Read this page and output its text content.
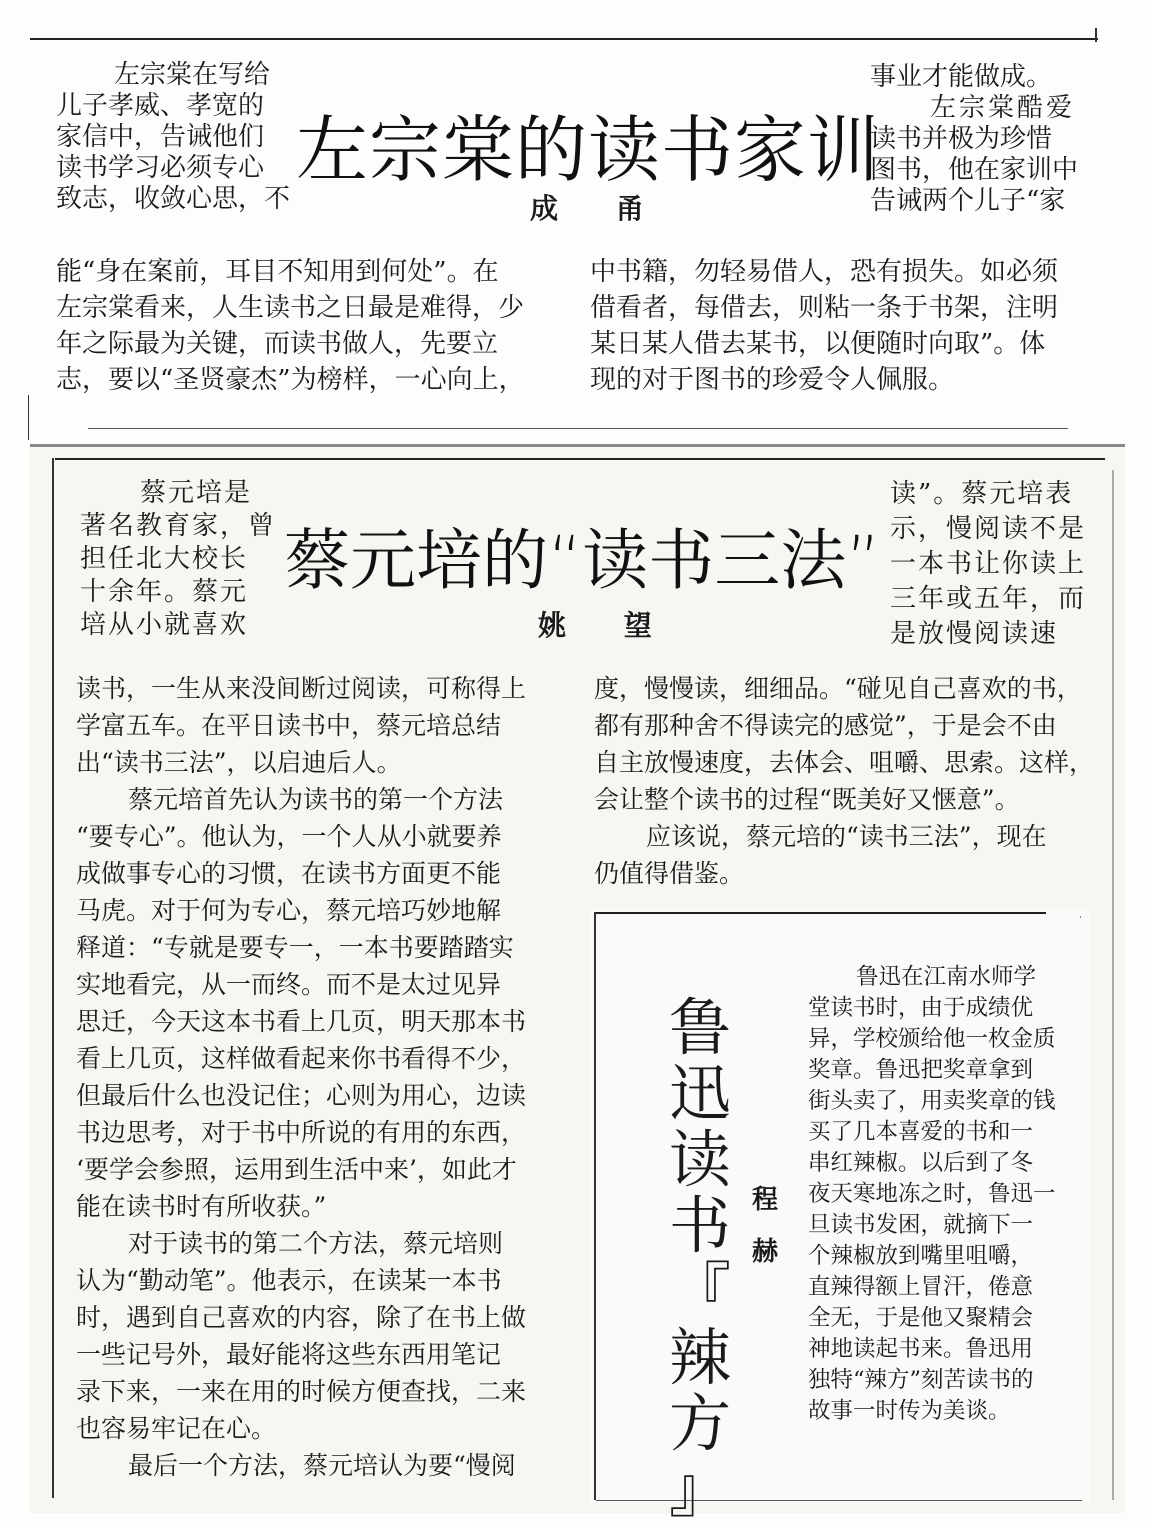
左宗棠的读书家训
成 甬
左宗棠在写给
儿子孝威、孝宽的
家信中，告诫他们
读书学习必须专心
致志，收敛心思，不
事业才能做成。
左宗棠酷爱
读书并极为珍惜
图书，他在家训中
告诫两个儿子“家
能“身在案前，耳目不知用到何处”。在
左宗棠看来，人生读书之日最是难得，少
年之际最为关键，而读书做人，先要立
志，要以“圣贤豪杰”为榜样，一心向上，
中书籍，勿轻易借人，恐有损失。如必须
借看者，每借去，则粘一条于书架，注明
某日某人借去某书，以便随时向取”。体
现的对于图书的珍爱令人佩服。
蔡元培的“读书三法”
姚 望
蔡元培是
著名教育家，曾
担任北大校长
十余年。蔡元
培从小就喜欢
读”。蔡元培表
示，慢阅读不是
一本书让你读上
三年或五年，而
是放慢阅读速
读书，一生从来没间断过阅读，可称得上
学富五车。在平日读书中，蔡元培总结
出“读书三法”，以启迪后人。
蔡元培首先认为读书的第一个方法
“要专心”。他认为，一个人从小就要养
成做事专心的习惯，在读书方面更不能
马虎。对于何为专心，蔡元培巧妙地解
释道：“专就是要专一，一本书要踏踏实
实地看完，从一而终。而不是太过见异
思迁，今天这本书看上几页，明天那本书
看上几页，这样做看起来你书看得不少，
但最后什么也没记住；心则为用心，边读
书边思考，对于书中所说的有用的东西，
‘要学会参照，运用到生活中来’，如此才
能在读书时有所收获。”
对于读书的第二个方法，蔡元培则
认为“勤动笔”。他表示，在读某一本书
时，遇到自己喜欢的内容，除了在书上做
一些记号外，最好能将这些东西用笔记
录下来，一来在用的时候方便查找，二来
也容易牢记在心。
最后一个方法，蔡元培认为要“慢阅
度，慢慢读，细细品。“碰见自己喜欢的书，
都有那种舍不得读完的感觉”，于是会不由
自主放慢速度，去体会、咀嚼、思索。这样，
会让整个读书的过程“既美好又惬意”。
应该说，蔡元培的“读书三法”，现在
仍值得借鉴。
鲁
迅
读
书
『
辣
方
』
程
赫
鲁迅在江南水师学
堂读书时，由于成绩优
异，学校颁给他一枚金质
奖章。鲁迅把奖章拿到
街头卖了，用卖奖章的钱
买了几本喜爱的书和一
串红辣椒。以后到了冬
夜天寒地冻之时，鲁迅一
旦读书发困，就摘下一
个辣椒放到嘴里咀嚼，
直辣得额上冒汗，倦意
全无，于是他又聚精会
神地读起书来。鲁迅用
独特“辣方”刻苦读书的
故事一时传为美谈。
